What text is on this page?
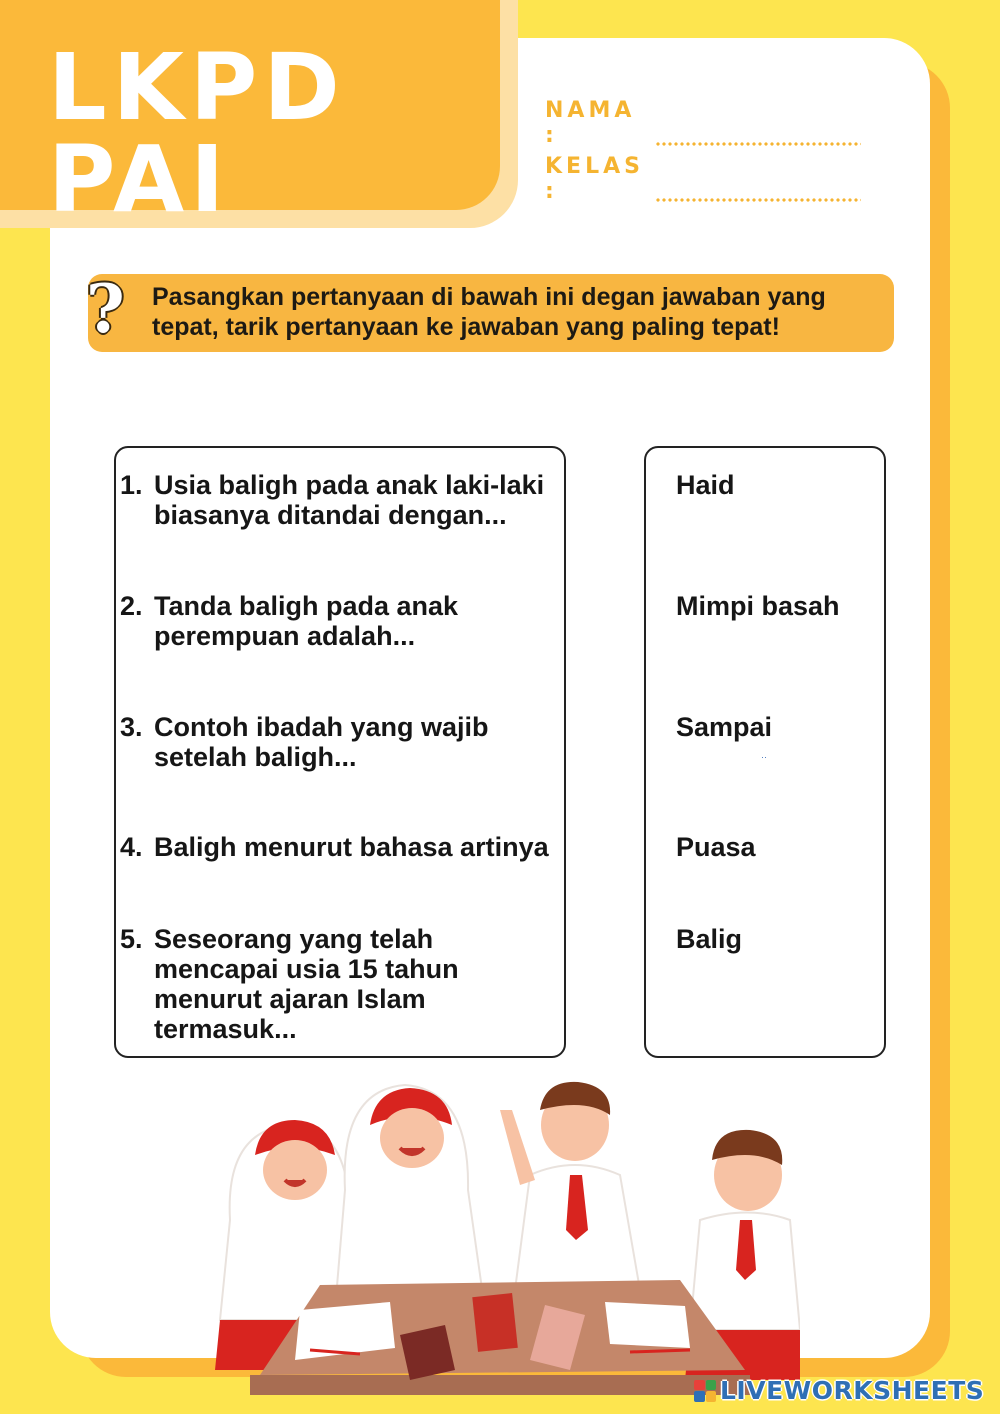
LKPD PAI
NAMA :
KELAS :
? Pasangkan pertanyaan di bawah ini degan jawaban yang tepat, tarik pertanyaan ke jawaban yang paling tepat!

1. Usia baligh pada anak laki-laki biasanya ditandai dengan...
2. Tanda baligh pada anak perempuan adalah...
3. Contoh ibadah yang wajib setelah baligh...
4. Baligh menurut bahasa artinya
5. Seseorang yang telah mencapai usia 15 tahun menurut ajaran Islam termasuk...
Haid
Mimpi basah
Sampai
Puasa
Balig
··
LIVEWORKSHEETS
